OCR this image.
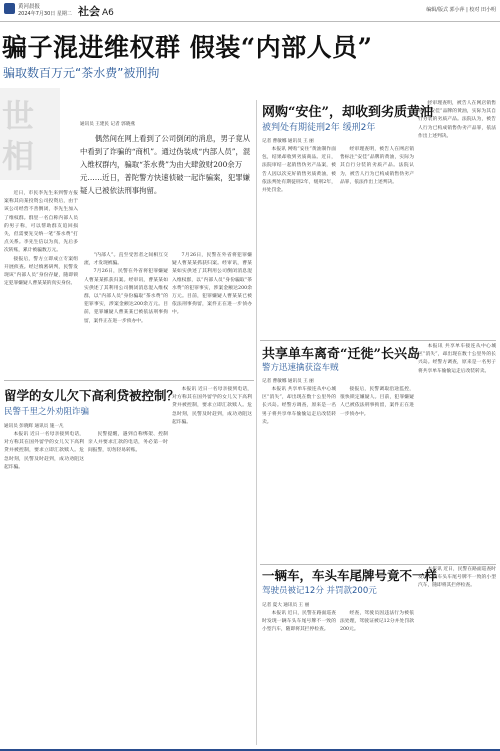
黄河晨报
2024年7月30日 星期二 社会 A6	编辑/版式 郭小萍 | 校对 田小明
骗子混进维权群 假装“内部人员”
骗取数百万元“茶水费”被刑拘
世相
通讯员 王建民 记者 郭晓燕
偶然间在网上看到了公司倒闭的消息，男子竟从中看到了诈骗的“商机”。通过伪装成“内部人员”，混入维权群内，骗取“茶水费”为由大肆敛财200余万元……近日，普陀警方快速侦破一起诈骗案，犯罪嫌疑人已被依法刑事拘留。

近日，市民李先生来到警方报案称其向某投资公司投资后，由于该公司经营不善倒闭，李先生加入了维权群。群里一名自称内部人员的男子称，可以帮助群友追回损失，但需要先交纳一笔“茶水费”打点关系。李先生信以为真，先后多次转账，累计被骗数万元。

接报后，警方立即成立专案组开展侦查。经过缜密研判，民警发现该“内部人员”身份存疑，随即锁定犯罪嫌疑人曹某某的真实身份。

“内部人”。直至受害者之间相互交流，才发现被骗。

7月26日，民警在外省将犯罪嫌疑人曹某某抓获归案。经审讯，曹某某如实供述了其利用公司倒闭消息混入维权群，以“内部人员”身份骗取“茶水费”的犯罪事实，涉案金额达200余万元。目前，犯罪嫌疑人曹某某已被依法刑事拘留，案件正在进一步侦办中。

7月26日，民警在外省将犯罪嫌疑人曹某某抓获归案。经审讯，曹某某如实供述了其利用公司倒闭消息混入维权群，以“内部人员”身份骗取“茶水费”的犯罪事实，涉案金额达200余万元。目前，犯罪嫌疑人曹某某已被依法刑事拘留，案件正在进一步侦办中。

网购“安住”，却收到劣质黄油
被判处有期徒刑2年 缓刑2年
记者 曹敏娜 通讯员 王 丽

本报讯 网购“安住”黄油制作面包，结果却收到劣质商品。近日，法院审结一起销售伪劣产品案，被告人因以次充好销售劣质黄油，被依法判处有期徒刑2年，缓刑2年，并处罚金。

经审理查明，被告人在网店销售标注“安佳”品牌的黄油，实际为其自行分装的劣质产品。法院认为，被告人行为已构成销售伪劣产品罪，依法作出上述判决。

经审理查明，被告人在网店销售标注“安佳”品牌的黄油，实际为其自行分装的劣质产品。法院认为，被告人行为已构成销售伪劣产品罪，依法作出上述判决。

共享单车离奇“迁徙”长兴岛
警方迅速擒获盗车贼
记者 曹敏娜 通讯员 王 丽

本报讯 共享单车接连从中心城区“消失”，却出现在数十公里外的长兴岛。经警方调查，原来是一名男子将共享单车偷偷运走后改装转卖。

接报后，民警调取沿途监控，很快锁定嫌疑人。目前，犯罪嫌疑人已被依法刑事拘留，案件正在进一步侦办中。

本报讯 共享单车接连从中心城区“消失”，却出现在数十公里外的长兴岛。经警方调查，原来是一名男子将共享单车偷偷运走后改装转卖。

留学的女儿欠下高利贷被控制？
民警千里之外劝阻诈骗
通讯员 彭晓辉 通讯员 施一凡

本报讯 近日一名母亲接到电话，对方称其在国外留学的女儿欠下高利贷并被控制，要求立即汇款赎人。危急时刻，民警及时赶到，成功劝阻这起诈骗。

民警提醒，遇到自称绑架、控制亲人并要求汇款的电话，务必第一时间报警，切勿轻易转账。

本报讯 近日一名母亲接到电话，对方称其在国外留学的女儿欠下高利贷并被控制，要求立即汇款赎人。危急时刻，民警及时赶到，成功劝阻这起诈骗。

一辆车，车头车尾牌号竟不一样
驾驶员被记12分 并罚款200元
记者 夏大 通讯员 王 丽

本报讯 近日，民警在路面巡查时发现一辆车头车尾号牌不一致的小型汽车，随即将其拦停检查。

经查，驾驶员因违法行为被依法处理，驾驶证被记12分并处罚款200元。

本报讯 近日，民警在路面巡查时发现一辆车头车尾号牌不一致的小型汽车，随即将其拦停检查。
